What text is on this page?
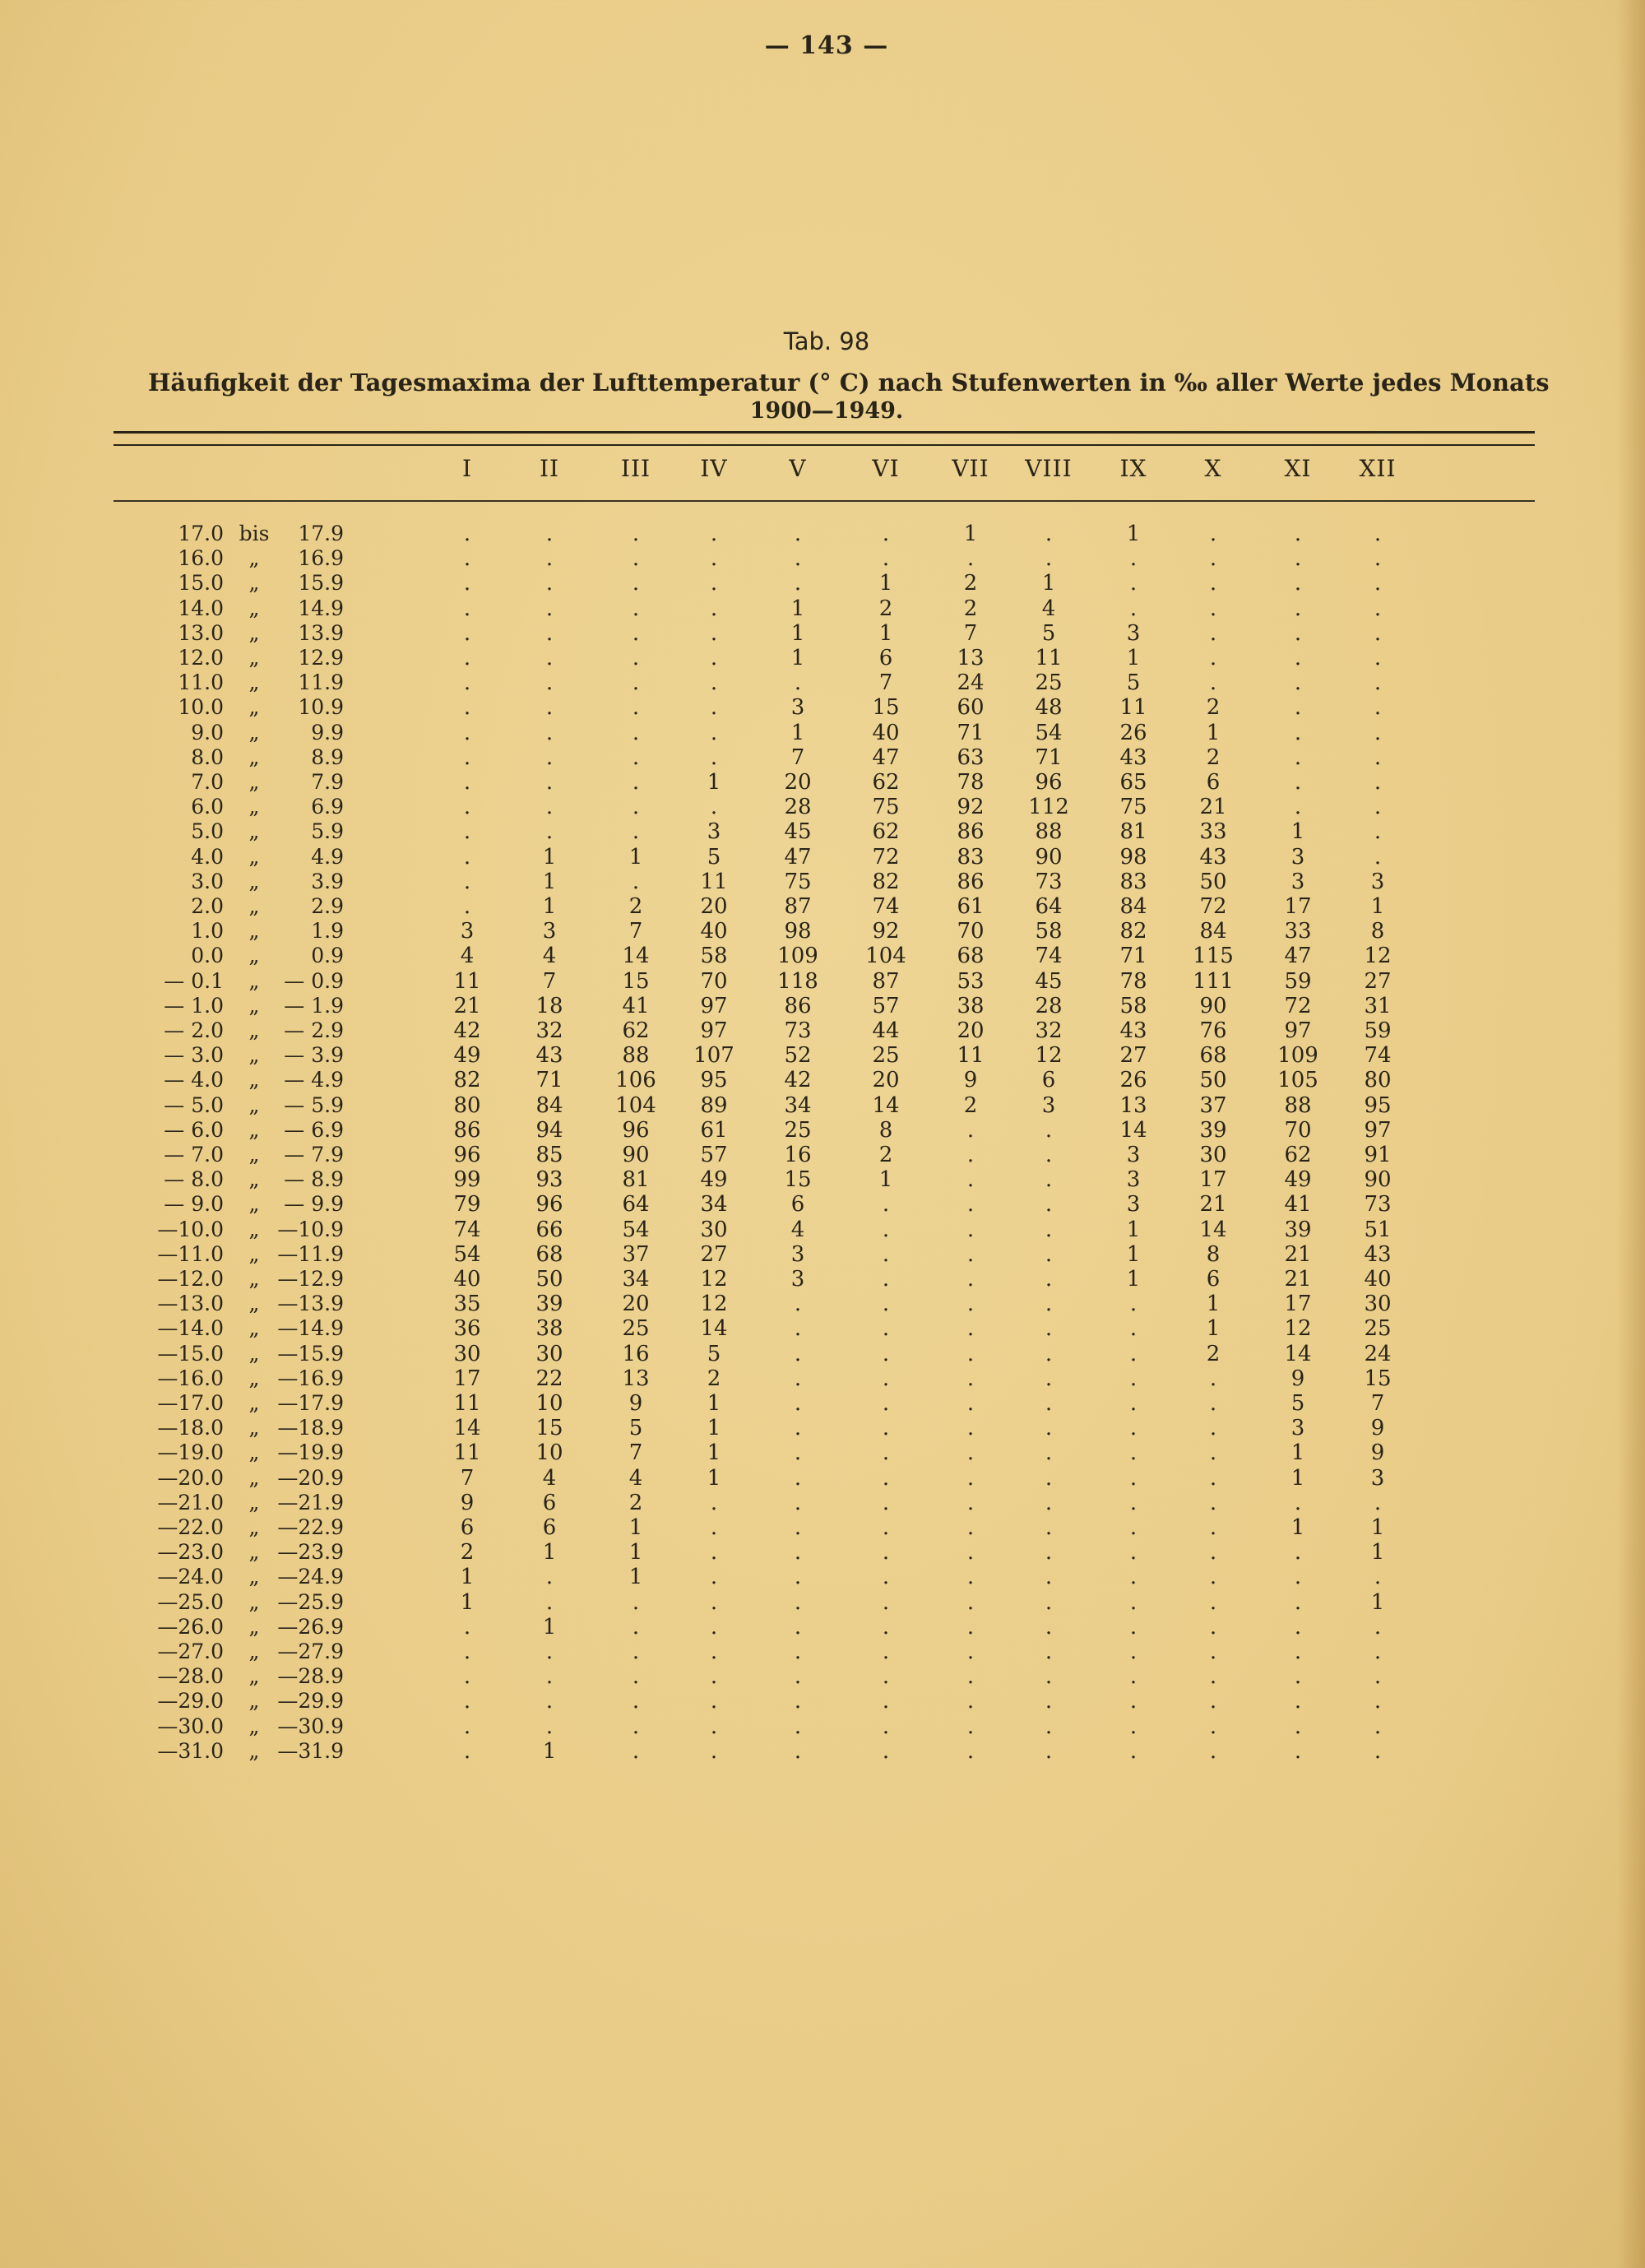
— 143 —
Tab. 98
Häufigkeit der Tagesmaxima der Lufttemperatur (° C) nach Stufenwerten in ‰ aller Werte jedes Monats
1900—1949.
I	II	III	IV	V	VI	VII	VIII	IX	X	XI	XII
17.0 bis	17.9	.	.	.	.	.	.	1	.	1	.	.	.
16.0	„	16.9	.	.	.	.	.	.	.	.	.	.	.	.
15.0	„	15.9	.	.	.	.	.	1	2	1	.	.	.	.
14.0	„	14.9	.	.	.	.	1	2	2	4	.	.	.	.
13.0	„	13.9	.	.	.	.	1	1	7	5	3	.	.	.
12.0	„	12.9	.	.	.	.	1	6	13	11	1	.	.	.
11.0	„	11.9	.	.	.	.	.	7	24	25	5	.	.	.
10.0	„	10.9	.	.	.	.	3	15	60	48	11	2	.	.
9.0	„	9.9	.	.	.	.	1	40	71	54	26	1	.	.
8.0	„	8.9	.	.	.	.	7	47	63	71	43	2	.	.
7.0	„	7.9	.	.	.	1	20	62	78	96	65	6	.	.
6.0	„	6.9	.	.	.	.	28	75	92	112	75	21	.	.
5.0	„	5.9	.	.	.	3	45	62	86	88	81	33	1	.
4.0	„	4.9	.	1	1	5	47	72	83	90	98	43	3	.
3.0	„	3.9	.	1	.	11	75	82	86	73	83	50	3	3
2.0	„	2.9	.	1	2	20	87	74	61	64	84	72	17	1
1.0	„	1.9	3	3	7	40	98	92	70	58	82	84	33	8
0.0	„	0.9	4	4	14	58	109	104	68	74	71	115	47	12
— 0.1	„	— 0.9	11	7	15	70	118	87	53	45	78	111	59	27
— 1.0	„	— 1.9	21	18	41	97	86	57	38	28	58	90	72	31
— 2.0	„	— 2.9	42	32	62	97	73	44	20	32	43	76	97	59
— 3.0	„	— 3.9	49	43	88	107	52	25	11	12	27	68	109	74
— 4.0	„	— 4.9	82	71	106	95	42	20	9	6	26	50	105	80
— 5.0	„	— 5.9	80	84	104	89	34	14	2	3	13	37	88	95
— 6.0	„	— 6.9	86	94	96	61	25	8	.	.	14	39	70	97
— 7.0	„	— 7.9	96	85	90	57	16	2	.	.	3	30	62	91
— 8.0	„	— 8.9	99	93	81	49	15	1	.	.	3	17	49	90
— 9.0	„	— 9.9	79	96	64	34	6	.	.	.	3	21	41	73
—10.0	„ —10.9	74	66	54	30	4	.	.	.	1	14	39	51
—11.0	„ —11.9	54	68	37	27	3	.	.	.	1	8	21	43
—12.0	„ —12.9	40	50	34	12	3	.	.	.	1	6	21	40
—13.0	„ —13.9	35	39	20	12	.	.	.	.	.	1	17	30
—14.0	„ —14.9	36	38	25	14	.	.	.	.	.	1	12	25
—15.0	„ —15.9	30	30	16	5	.	.	.	.	.	2	14	24
—16.0	„ —16.9	17	22	13	2	.	.	.	.	.	.	9	15
—17.0	„ —17.9	11	10	9	1	.	.	.	.	.	.	5	7
—18.0	„ —18.9	14	15	5	1	.	.	.	.	.	.	3	9
—19.0	„ —19.9	11	10	7	1	.	.	.	.	.	.	1	9
—20.0	„ —20.9	7	4	4	1	.	.	.	.	.	.	1	3
—21.0	„ —21.9	9	6	2	.	.	.	.	.	.	.	.	.
—22.0	„ —22.9	6	6	1	.	.	.	.	.	.	.	1	1
—23.0	„ —23.9	2	1	1	.	.	.	.	.	.	.	.	1
—24.0	„ —24.9	1	.	1	.	.	.	.	.	.	.	.	.
—25.0	„ —25.9	1	.	.	.	.	.	.	.	.	.	.	1
—26.0	„ —26.9	.	1	.	.	.	.	.	.	.	.	.	.
—27.0	„ —27.9	.	.	.	.	.	.	.	.	.	.	.	.
—28.0	„ —28.9	.	.	.	.	.	.	.	.	.	.	.	.
—29.0	„ —29.9	.	.	.	.	.	.	.	.	.	.	.	.
—30.0	„ —30.9	.	.	.	.	.	.	.	.	.	.	.	.
—31.0	„ —31.9	.	1	.	.	.	.	.	.	.	.	.	.
